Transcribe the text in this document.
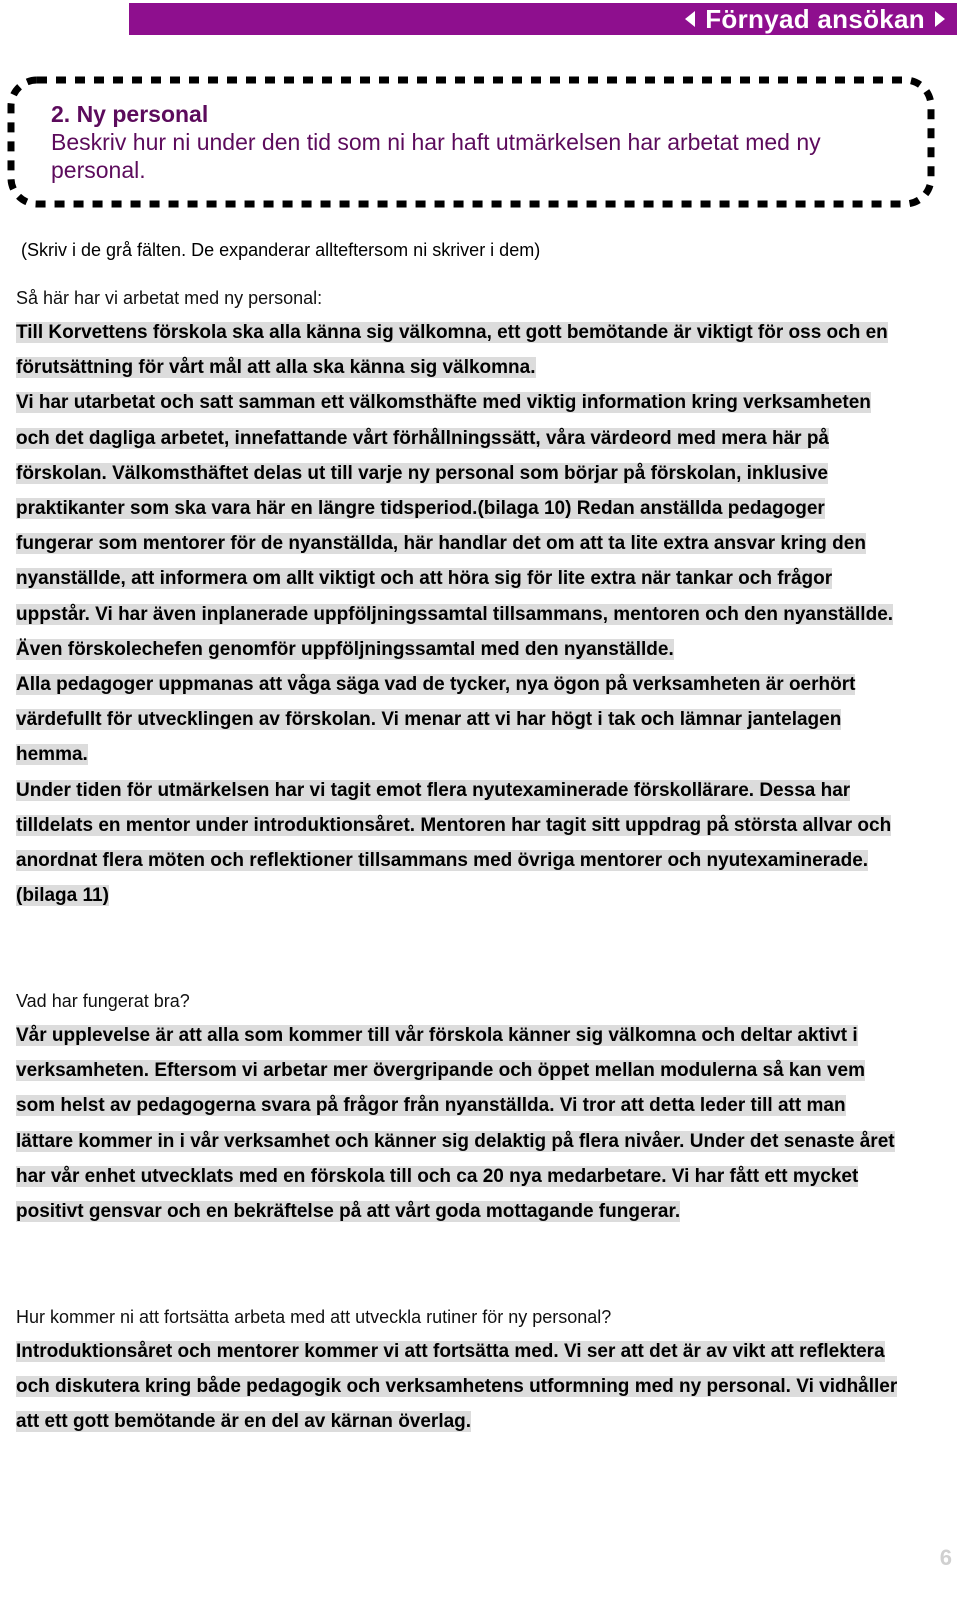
Förnyad ansökan
2. Ny personal
Beskriv hur ni under den tid som ni har haft utmärkelsen har arbetat med ny personal.
(Skriv i de grå fälten. De expanderar allteftersom ni skriver i dem)
Så här har vi arbetat med ny personal:

Till Korvettens förskola ska alla känna sig välkomna, ett gott bemötande är viktigt för oss och en förutsättning för vårt mål att alla ska känna sig välkomna.

Vi har utarbetat och satt samman ett välkomsthäfte med viktig information kring verksamheten och det dagliga arbetet, innefattande vårt förhållningssätt, våra värdeord med mera här på förskolan. Välkomsthäftet delas ut till varje ny personal som börjar på förskolan, inklusive praktikanter som ska vara här en längre tidsperiod.(bilaga 10) Redan anställda pedagoger fungerar som mentorer för de nyanställda, här handlar det om att ta lite extra ansvar kring den nyanställde, att informera om allt viktigt och att höra sig för lite extra när tankar och frågor uppstår. Vi har även inplanerade uppföljningssamtal tillsammans, mentoren och den nyanställde. Även förskolechefen genomför uppföljningssamtal med den nyanställde.

Alla pedagoger uppmanas att våga säga vad de tycker, nya ögon på verksamheten är oerhört värdefullt för utvecklingen av förskolan. Vi menar att vi har högt i tak och lämnar jantelagen hemma.

Under tiden för utmärkelsen har vi tagit emot flera nyutexaminerade förskollärare. Dessa har tilldelats en mentor under introduktionsåret. Mentoren har tagit sitt uppdrag på största allvar och anordnat flera möten och reflektioner tillsammans med övriga mentorer och nyutexaminerade. (bilaga 11)

Vad har fungerat bra?

Vår upplevelse är att alla som kommer till vår förskola känner sig välkomna och deltar aktivt i verksamheten. Eftersom vi arbetar mer övergripande och öppet mellan modulerna så kan vem som helst av pedagogerna svara på frågor från nyanställda. Vi tror att detta leder till att man lättare kommer in i vår verksamhet och känner sig delaktig på flera nivåer. Under det senaste året har vår enhet utvecklats med en förskola till och ca 20 nya medarbetare. Vi har fått ett mycket positivt gensvar och en bekräftelse på att vårt goda mottagande fungerar.

Hur kommer ni att fortsätta arbeta med att utveckla rutiner för ny personal?

Introduktionsåret och mentorer kommer vi att fortsätta med. Vi ser att det är av vikt att reflektera och diskutera kring både pedagogik och verksamhetens utformning med ny personal. Vi vidhåller att ett gott bemötande är en del av kärnan överlag.

6
